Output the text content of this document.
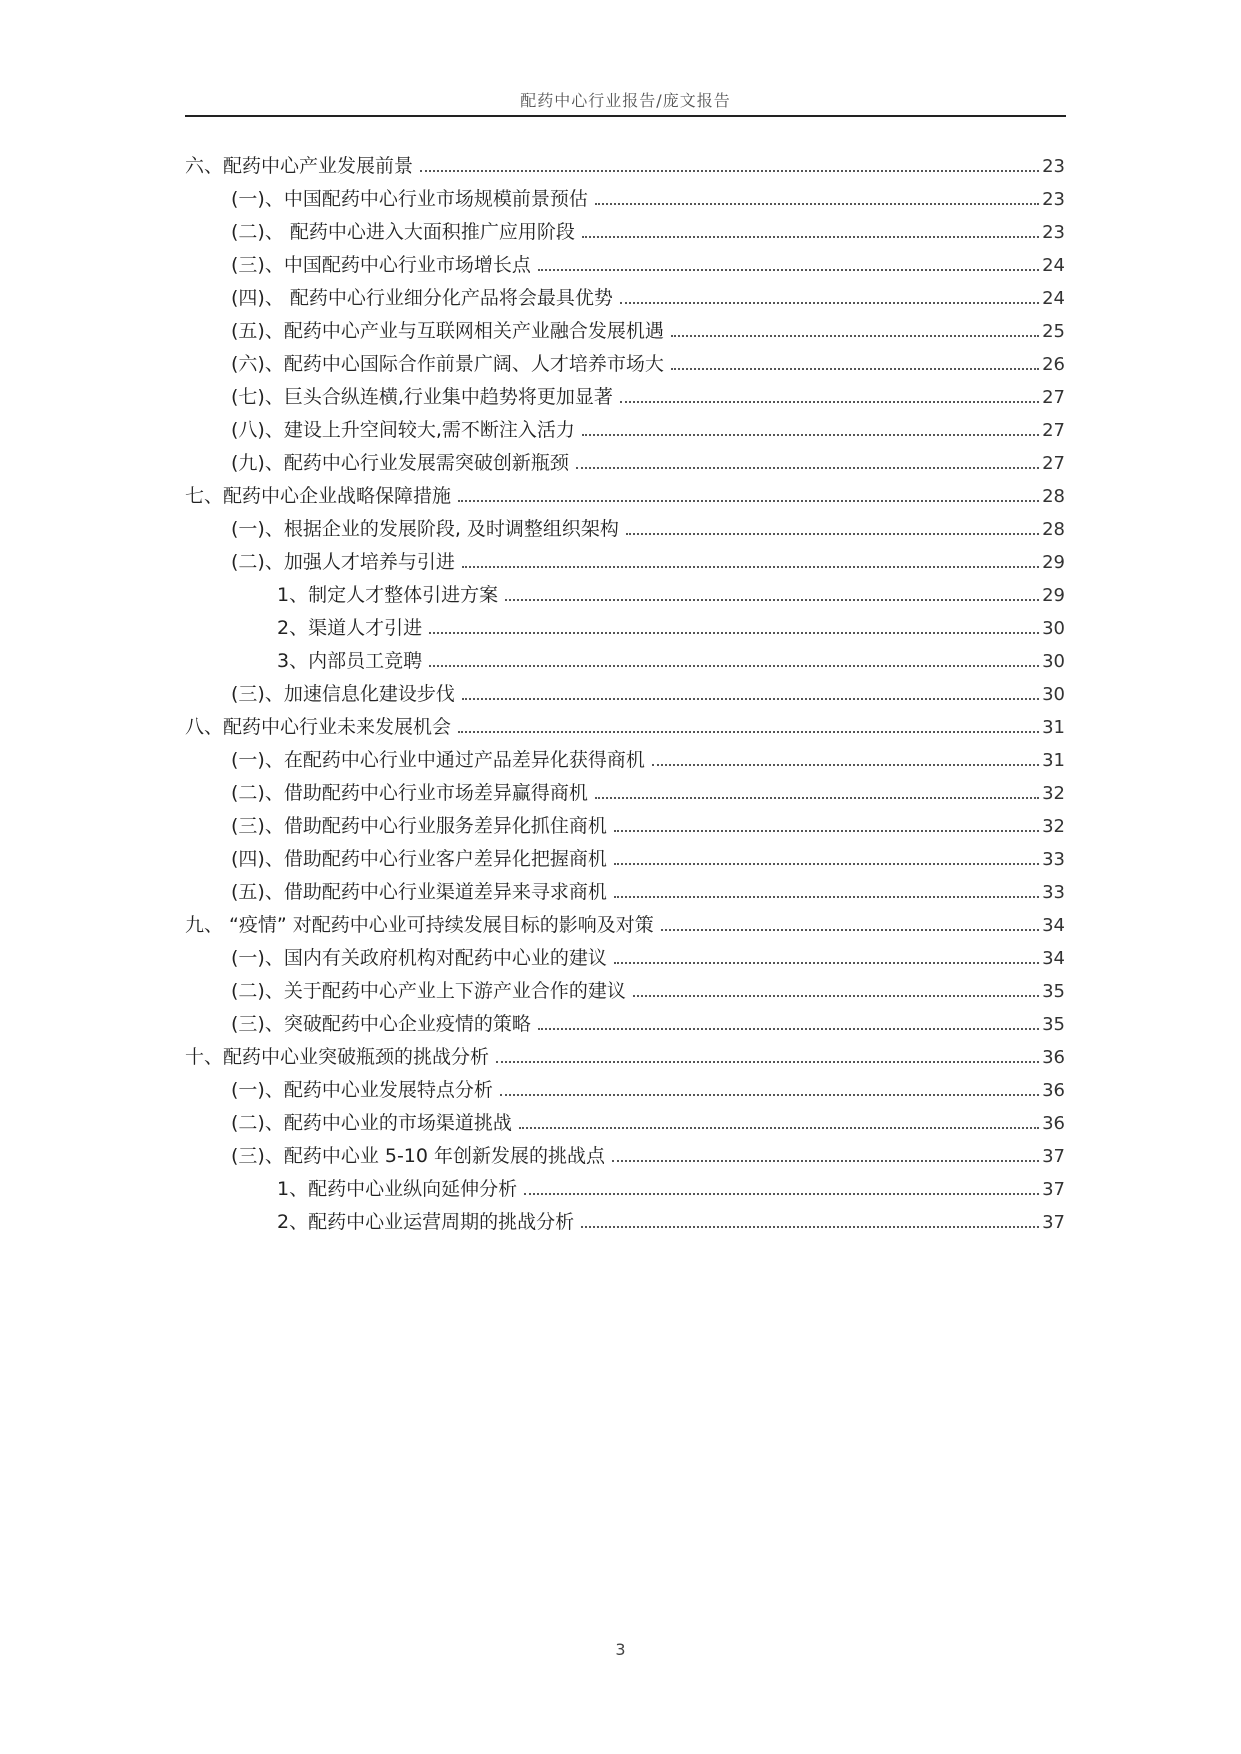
配药中心行业报告/庞文报告
六、配药中心产业发展前景	23
(一)、中国配药中心行业市场规模前景预估	23
(二)、 配药中心进入大面积推广应用阶段	23
(三)、中国配药中心行业市场增长点	24
(四)、 配药中心行业细分化产品将会最具优势	24
(五)、配药中心产业与互联网相关产业融合发展机遇	25
(六)、配药中心国际合作前景广阔、人才培养市场大	26
(七)、巨头合纵连横,行业集中趋势将更加显著	27
(八)、建设上升空间较大,需不断注入活力	27
(九)、配药中心行业发展需突破创新瓶颈	27
七、配药中心企业战略保障措施	28
(一)、根据企业的发展阶段, 及时调整组织架构	28
(二)、加强人才培养与引进	29
1、制定人才整体引进方案	29
2、渠道人才引进	30
3、内部员工竞聘	30
(三)、加速信息化建设步伐	30
八、配药中心行业未来发展机会	31
(一)、在配药中心行业中通过产品差异化获得商机	31
(二)、借助配药中心行业市场差异赢得商机	32
(三)、借助配药中心行业服务差异化抓住商机	32
(四)、借助配药中心行业客户差异化把握商机	33
(五)、借助配药中心行业渠道差异来寻求商机	33
九、 “疫情” 对配药中心业可持续发展目标的影响及对策	34
(一)、国内有关政府机构对配药中心业的建议	34
(二)、关于配药中心产业上下游产业合作的建议	35
(三)、突破配药中心企业疫情的策略	35
十、配药中心业突破瓶颈的挑战分析	36
(一)、配药中心业发展特点分析	36
(二)、配药中心业的市场渠道挑战	36
(三)、配药中心业 5-10 年创新发展的挑战点	37
1、配药中心业纵向延伸分析	37
2、配药中心业运营周期的挑战分析	37
3
